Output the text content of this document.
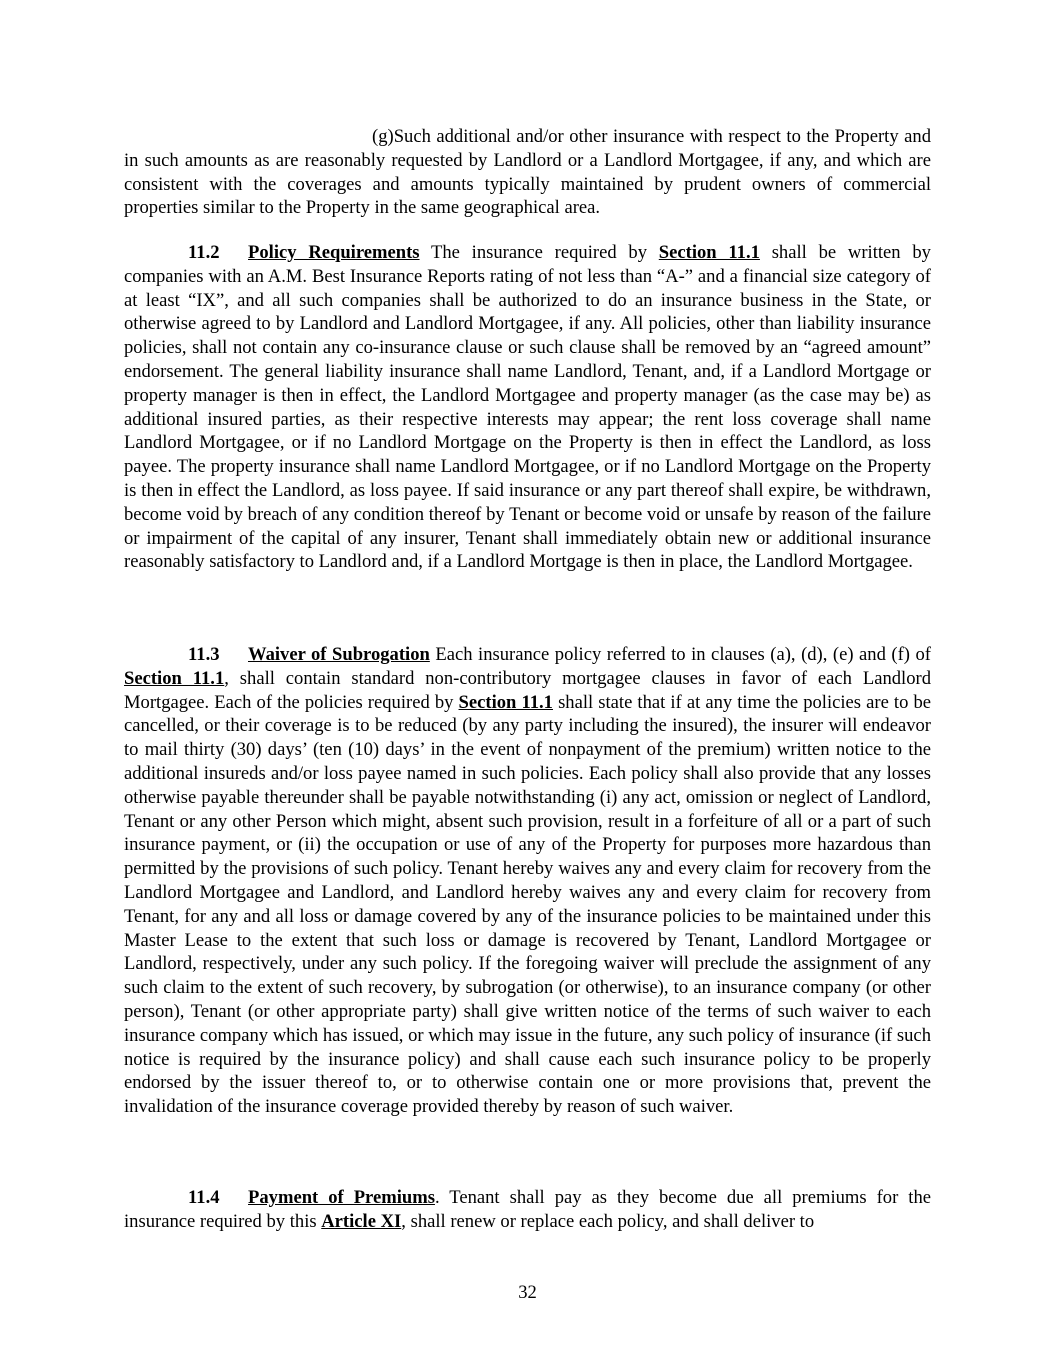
(g)Such additional and/or other insurance with respect to the Property and in such amounts as are reasonably requested by Landlord or a Landlord Mortgagee, if any, and which are consistent with the coverages and amounts typically maintained by prudent owners of commercial properties similar to the Property in the same geographical area.

11.2 Policy Requirements The insurance required by Section 11.1 shall be written by companies with an A.M. Best Insurance Reports rating of not less than “A-” and a financial size category of at least “IX”, and all such companies shall be authorized to do an insurance business in the State, or otherwise agreed to by Landlord and Landlord Mortgagee, if any. All policies, other than liability insurance policies, shall not contain any co-insurance clause or such clause shall be removed by an “agreed amount” endorsement. The general liability insurance shall name Landlord, Tenant, and, if a Landlord Mortgage or property manager is then in effect, the Landlord Mortgagee and property manager (as the case may be) as additional insured parties, as their respective interests may appear; the rent loss coverage shall name Landlord Mortgagee, or if no Landlord Mortgage on the Property is then in effect the Landlord, as loss payee. The property insurance shall name Landlord Mortgagee, or if no Landlord Mortgage on the Property is then in effect the Landlord, as loss payee. If said insurance or any part thereof shall expire, be withdrawn, become void by breach of any condition thereof by Tenant or become void or unsafe by reason of the failure or impairment of the capital of any insurer, Tenant shall immediately obtain new or additional insurance reasonably satisfactory to Landlord and, if a Landlord Mortgage is then in place, the Landlord Mortgagee.

11.3 Waiver of Subrogation Each insurance policy referred to in clauses (a), (d), (e) and (f) of Section 11.1, shall contain standard non-contributory mortgagee clauses in favor of each Landlord Mortgagee. Each of the policies required by Section 11.1 shall state that if at any time the policies are to be cancelled, or their coverage is to be reduced (by any party including the insured), the insurer will endeavor to mail thirty (30) days’ (ten (10) days’ in the event of nonpayment of the premium) written notice to the additional insureds and/or loss payee named in such policies. Each policy shall also provide that any losses otherwise payable thereunder shall be payable notwithstanding (i) any act, omission or neglect of Landlord, Tenant or any other Person which might, absent such provision, result in a forfeiture of all or a part of such insurance payment, or (ii) the occupation or use of any of the Property for purposes more hazardous than permitted by the provisions of such policy. Tenant hereby waives any and every claim for recovery from the Landlord Mortgagee and Landlord, and Landlord hereby waives any and every claim for recovery from Tenant, for any and all loss or damage covered by any of the insurance policies to be maintained under this Master Lease to the extent that such loss or damage is recovered by Tenant, Landlord Mortgagee or Landlord, respectively, under any such policy. If the foregoing waiver will preclude the assignment of any such claim to the extent of such recovery, by subrogation (or otherwise), to an insurance company (or other person), Tenant (or other appropriate party) shall give written notice of the terms of such waiver to each insurance company which has issued, or which may issue in the future, any such policy of insurance (if such notice is required by the insurance policy) and shall cause each such insurance policy to be properly endorsed by the issuer thereof to, or to otherwise contain one or more provisions that, prevent the invalidation of the insurance coverage provided thereby by reason of such waiver.

11.4 Payment of Premiums. Tenant shall pay as they become due all premiums for the insurance required by this Article XI, shall renew or replace each policy, and shall deliver to

32
